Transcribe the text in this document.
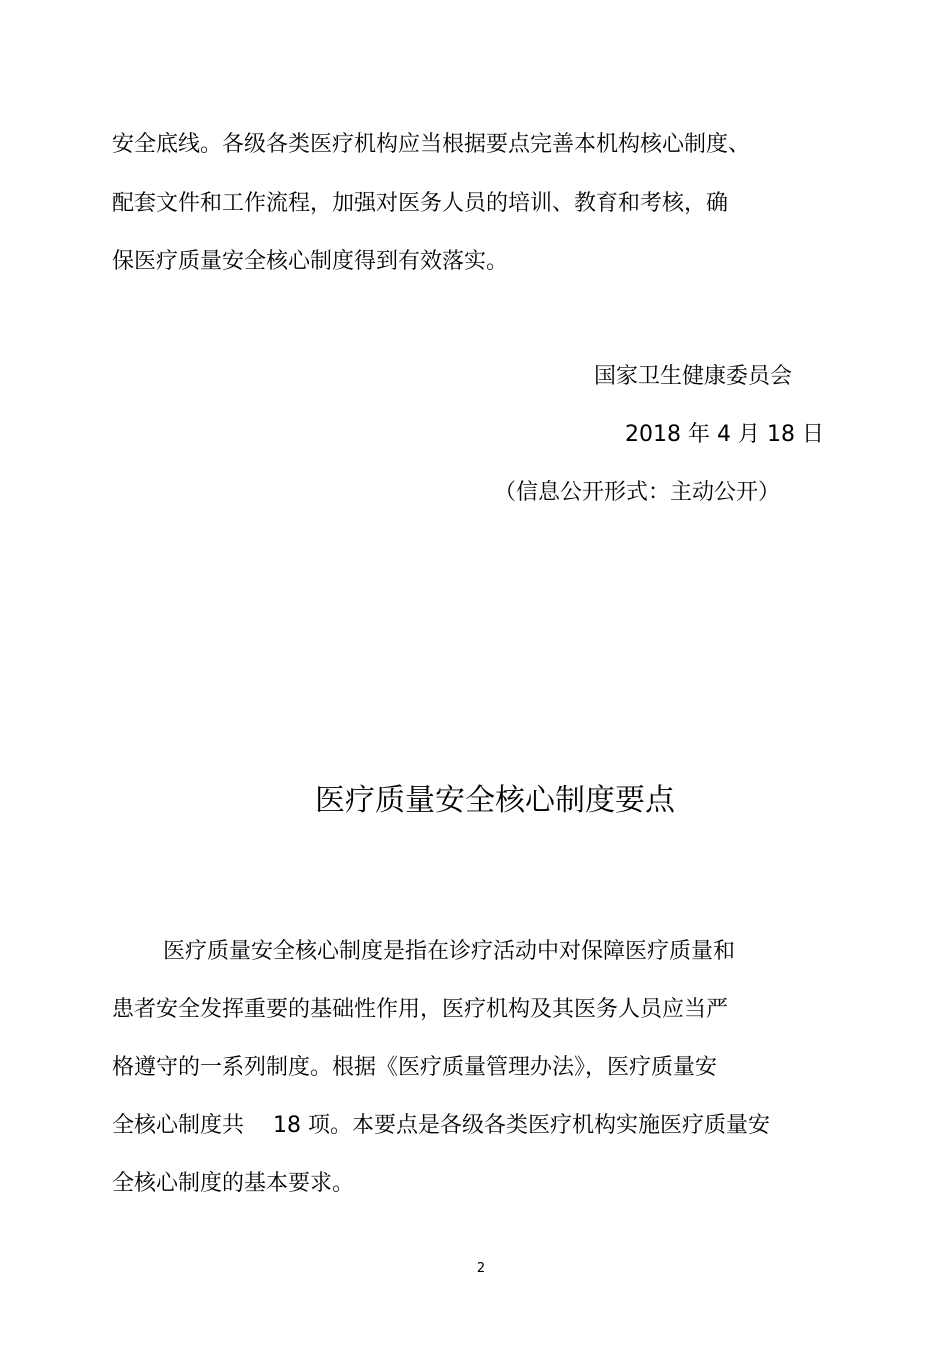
安全底线。各级各类医疗机构应当根据要点完善本机构核心制度、

配套文件和工作流程，加强对医务人员的培训、教育和考核，确

保医疗质量安全核心制度得到有效落实。

国家卫生健康委员会

2018 年 4 月 18 日

（信息公开形式：主动公开）

医疗质量安全核心制度要点

医疗质量安全核心制度是指在诊疗活动中对保障医疗质量和

患者安全发挥重要的基础性作用，医疗机构及其医务人员应当严

格遵守的一系列制度。根据《医疗质量管理办法》，医疗质量安

全核心制度共　 18 项。本要点是各级各类医疗机构实施医疗质量安

全核心制度的基本要求。

2
